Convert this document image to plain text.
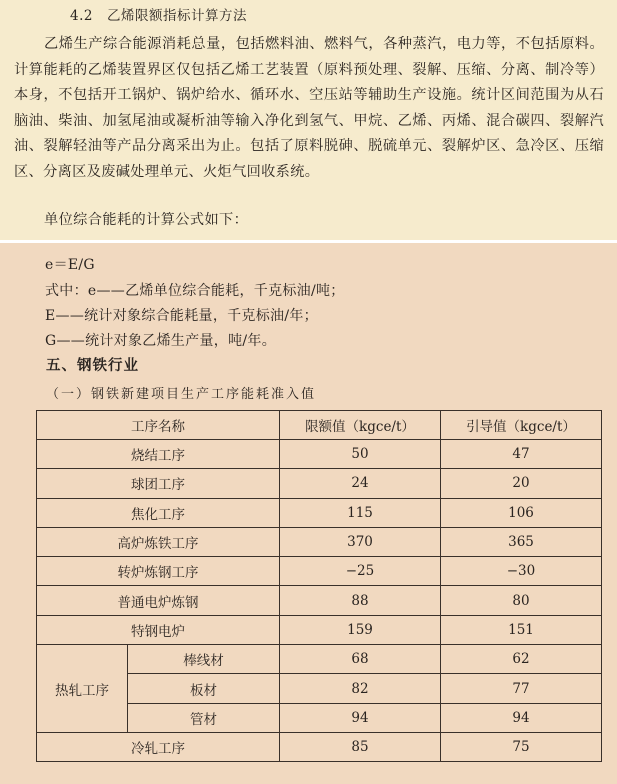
4.2　乙烯限额指标计算方法
乙烯生产综合能源消耗总量，包括燃料油、燃料气，各种蒸汽，电力等，不包括原料。计算能耗的乙烯装置界区仅包括乙烯工艺装置（原料预处理、裂解、压缩、分离、制冷等）本身，不包括开工锅炉、锅炉给水、循环水、空压站等辅助生产设施。统计区间范围为从石脑油、柴油、加氢尾油或凝析油等输入净化到氢气、甲烷、乙烯、丙烯、混合碳四、裂解汽油、裂解轻油等产品分离采出为止。包括了原料脱砷、脱硫单元、裂解炉区、急冷区、压缩区、分离区及废碱处理单元、火炬气回收系统。
单位综合能耗的计算公式如下：
e＝E/G
式中：e——乙烯单位综合能耗，千克标油/吨；
E——统计对象综合能耗量，千克标油/年；
G——统计对象乙烯生产量，吨/年。
五、钢铁行业
（一）钢铁新建项目生产工序能耗准入值
工序名称		限额值（kgce/t）	引导值（kgce/t）
烧结工序		50	47
球团工序		24	20
焦化工序		115	106
高炉炼铁工序		370	365
转炉炼钢工序		−25	−30
普通电炉炼钢		88	80
特钢电炉		159	151
热轧工序	棒线材	68	62
	板材	82	77
	管材	94	94
冷轧工序		85	75
